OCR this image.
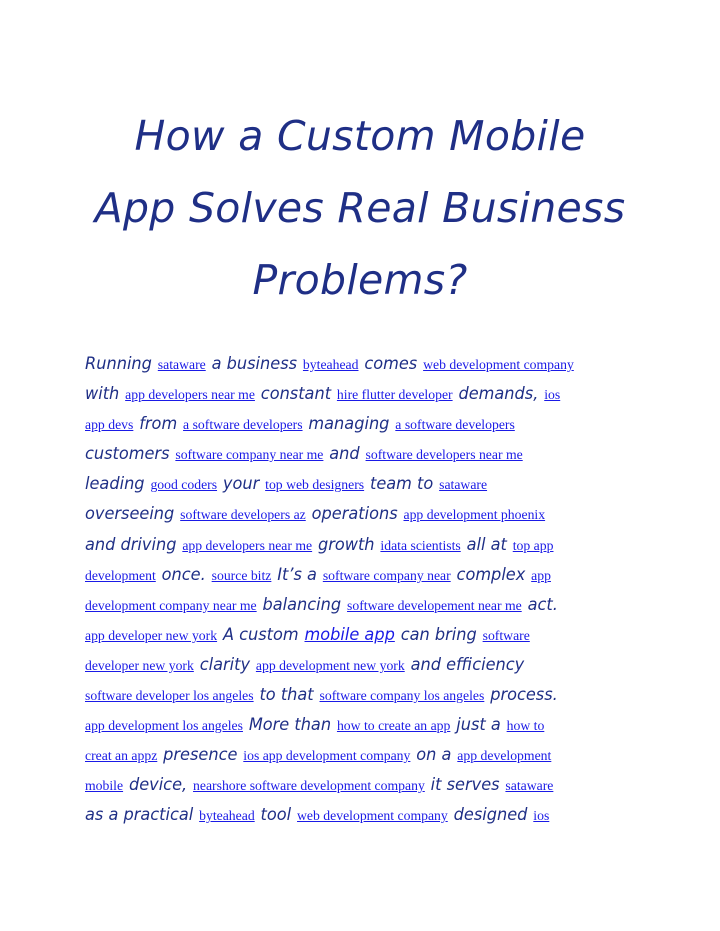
How a Custom Mobile
App Solves Real Business
Problems?
Running sataware a business byteahead comes web development company
with app developers near me constant hire flutter developer demands, ios
app devs from a software developers managing a software developers
customers software company near me and software developers near me
leading good coders your top web designers team to sataware
overseeing software developers az operations app development phoenix
and driving app developers near me growth idata scientists all at top app
development once. source bitz It’s a software company near complex app
development company near me balancing software developement near me act.
app developer new york A custom mobile app can bring software
developer new york clarity app development new york and efficiency
software developer los angeles to that software company los angeles process.
app development los angeles More than how to create an app just a how to
creat an appz presence ios app development company on a app development
mobile device, nearshore software development company it serves sataware
as a practical byteahead tool web development company designed ios
